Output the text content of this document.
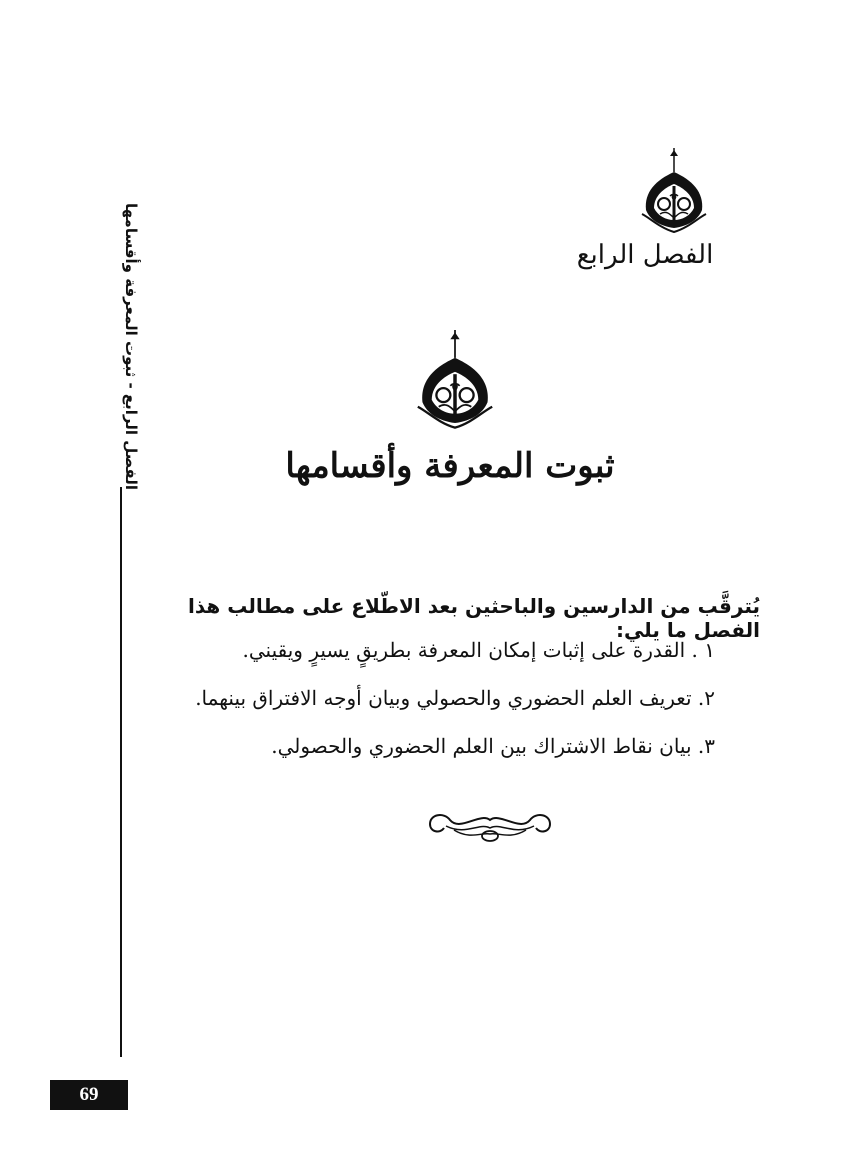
الفصل الرابع
ثبوت المعرفة وأقسامها

يُترقَّب من الدارسين والباحثين بعد الاطّلاع على مطالب هذا الفصل ما يلي:

١ . القدرة على إثبات إمكان المعرفة بطريقٍ يسيرٍ ويقيني.
٢. تعريف العلم الحضوري والحصولي وبيان أوجه الافتراق بينهما.
٣. بيان نقاط الاشتراك بين العلم الحضوري والحصولي.
الفصل الرابع - ثبوت المعرفة وأقسامها
69
